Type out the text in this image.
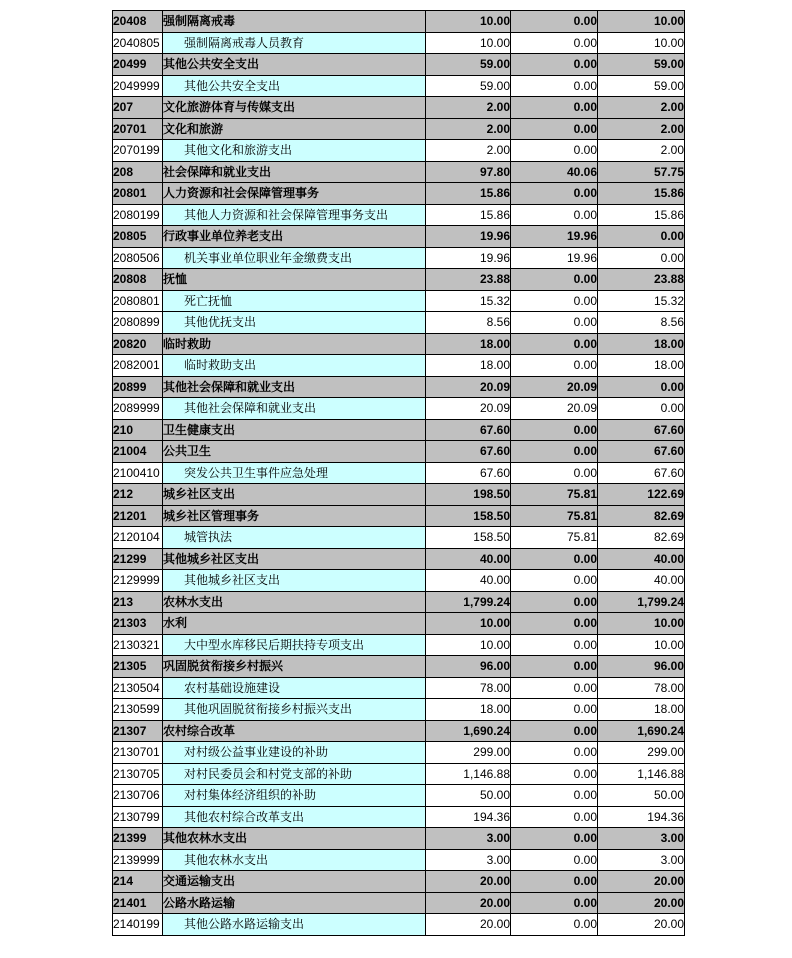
20408	强制隔离戒毒	10.00	0.00	10.00
2040805	强制隔离戒毒人员教育	10.00	0.00	10.00
20499	其他公共安全支出	59.00	0.00	59.00
2049999	其他公共安全支出	59.00	0.00	59.00
207	文化旅游体育与传媒支出	2.00	0.00	2.00
20701	文化和旅游	2.00	0.00	2.00
2070199	其他文化和旅游支出	2.00	0.00	2.00
208	社会保障和就业支出	97.80	40.06	57.75
20801	人力资源和社会保障管理事务	15.86	0.00	15.86
2080199	其他人力资源和社会保障管理事务支出	15.86	0.00	15.86
20805	行政事业单位养老支出	19.96	19.96	0.00
2080506	机关事业单位职业年金缴费支出	19.96	19.96	0.00
20808	抚恤	23.88	0.00	23.88
2080801	死亡抚恤	15.32	0.00	15.32
2080899	其他优抚支出	8.56	0.00	8.56
20820	临时救助	18.00	0.00	18.00
2082001	临时救助支出	18.00	0.00	18.00
20899	其他社会保障和就业支出	20.09	20.09	0.00
2089999	其他社会保障和就业支出	20.09	20.09	0.00
210	卫生健康支出	67.60	0.00	67.60
21004	公共卫生	67.60	0.00	67.60
2100410	突发公共卫生事件应急处理	67.60	0.00	67.60
212	城乡社区支出	198.50	75.81	122.69
21201	城乡社区管理事务	158.50	75.81	82.69
2120104	城管执法	158.50	75.81	82.69
21299	其他城乡社区支出	40.00	0.00	40.00
2129999	其他城乡社区支出	40.00	0.00	40.00
213	农林水支出	1,799.24	0.00	1,799.24
21303	水利	10.00	0.00	10.00
2130321	大中型水库移民后期扶持专项支出	10.00	0.00	10.00
21305	巩固脱贫衔接乡村振兴	96.00	0.00	96.00
2130504	农村基础设施建设	78.00	0.00	78.00
2130599	其他巩固脱贫衔接乡村振兴支出	18.00	0.00	18.00
21307	农村综合改革	1,690.24	0.00	1,690.24
2130701	对村级公益事业建设的补助	299.00	0.00	299.00
2130705	对村民委员会和村党支部的补助	1,146.88	0.00	1,146.88
2130706	对村集体经济组织的补助	50.00	0.00	50.00
2130799	其他农村综合改革支出	194.36	0.00	194.36
21399	其他农林水支出	3.00	0.00	3.00
2139999	其他农林水支出	3.00	0.00	3.00
214	交通运输支出	20.00	0.00	20.00
21401	公路水路运输	20.00	0.00	20.00
2140199	其他公路水路运输支出	20.00	0.00	20.00
